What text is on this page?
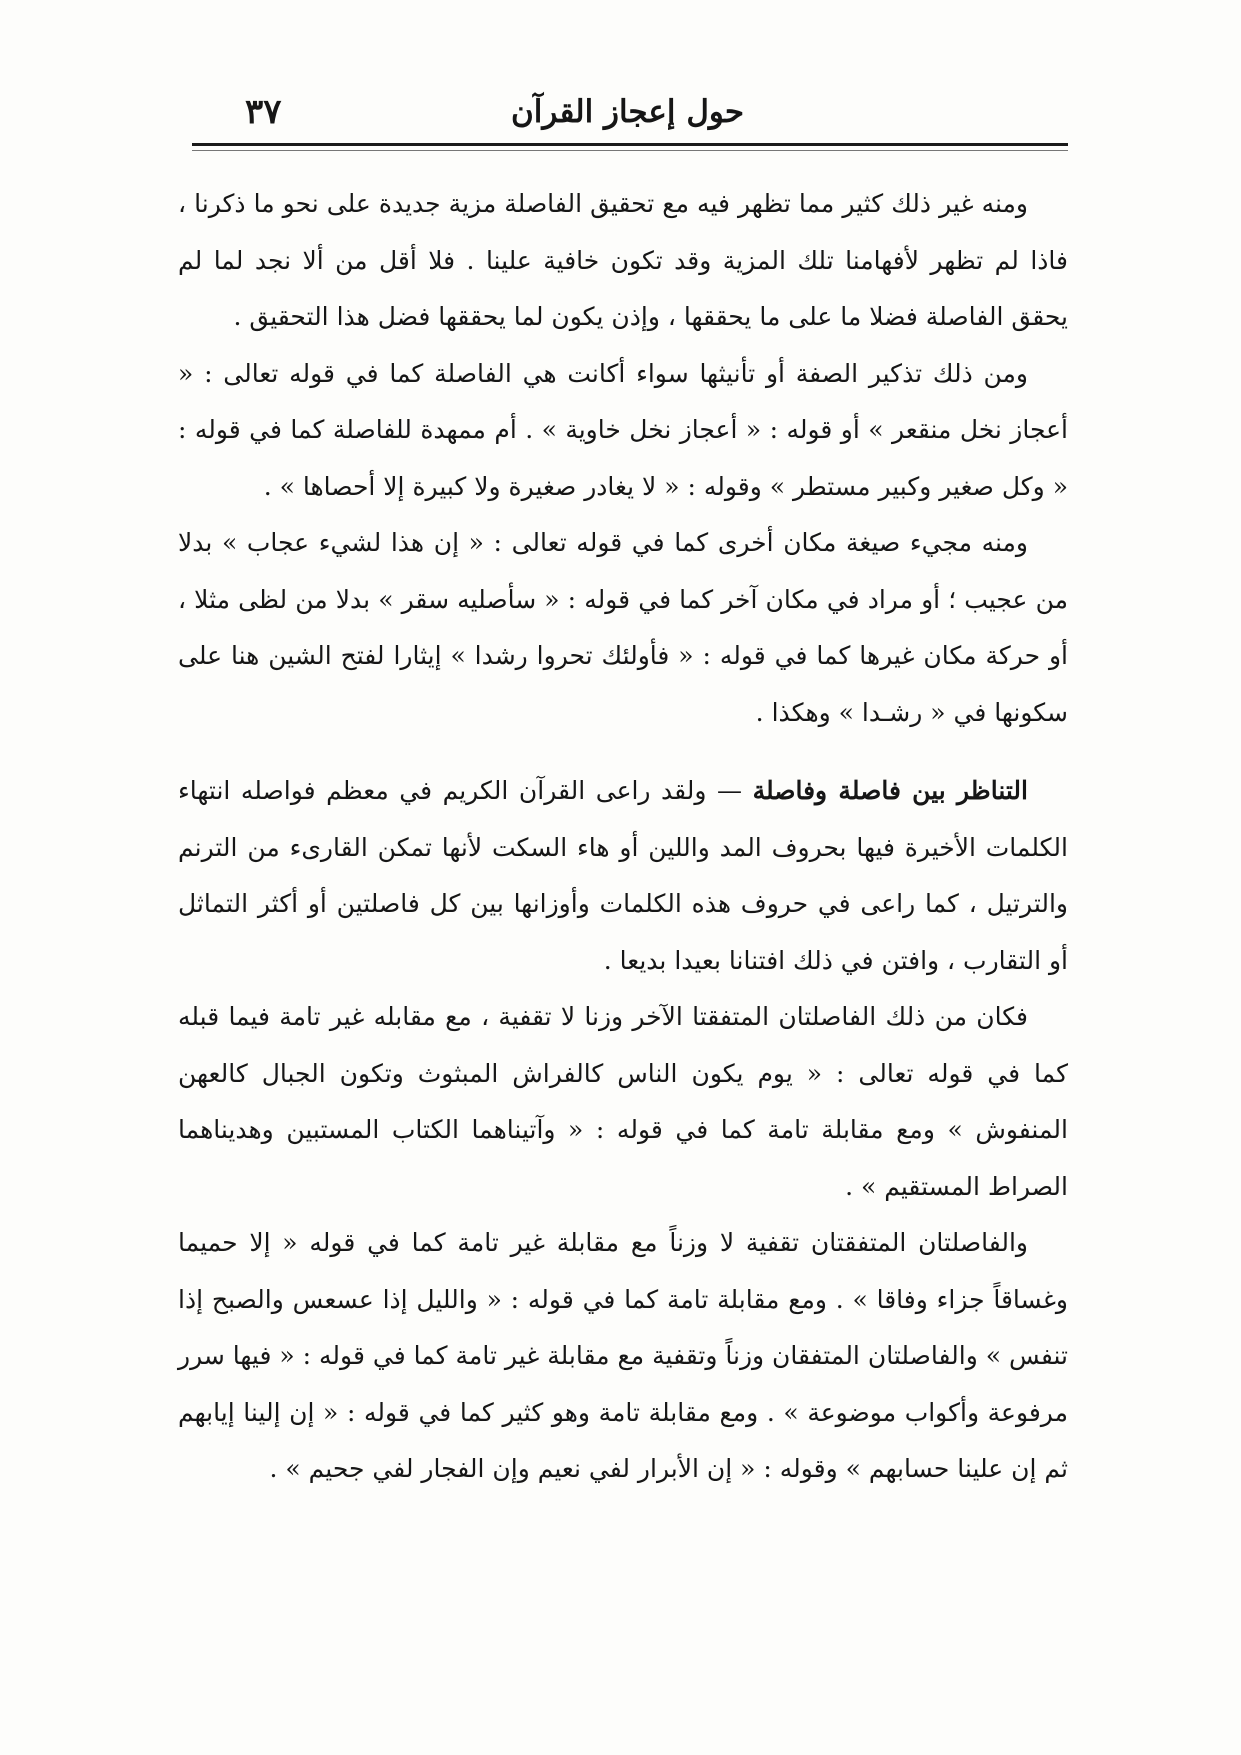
حول إعجاز القرآن
٣٧

ومنه غير ذلك كثير مما تظهر فيه مع تحقيق الفاصلة مزية جديدة على نحو ما ذكرنا ، فاذا لم تظهر لأفهامنا تلك المزية وقد تكون خافية علينا . فلا أقل من ألا نجد لما لم يحقق الفاصلة فضلا ما على ما يحققها ، وإذن يكون لما يحققها فضل هذا التحقيق .

ومن ذلك تذكير الصفة أو تأنيثها سواء أكانت هي الفاصلة كما في قوله تعالى : « أعجاز نخل منقعر » أو قوله : « أعجاز نخل خاوية » . أم ممهدة للفاصلة كما في قوله : « وكل صغير وكبير مستطر » وقوله : « لا يغادر صغيرة ولا كبيرة إلا أحصاها » .

ومنه مجيء صيغة مكان أخرى كما في قوله تعالى : « إن هذا لشيء عجاب » بدلا من عجيب ؛ أو مراد في مكان آخر كما في قوله : « سأصليه سقر » بدلا من لظى مثلا ، أو حركة مكان غيرها كما في قوله : « فأولئك تحروا رشدا » إيثارا لفتح الشين هنا على سكونها في « رشـدا » وهكذا .

التناظر بين فاصلة وفاصلة — ولقد راعى القرآن الكريم في معظم فواصله انتهاء الكلمات الأخيرة فيها بحروف المد واللين أو هاء السكت لأنها تمكن القارىء من الترنم والترتيل ، كما راعى في حروف هذه الكلمات وأوزانها بين كل فاصلتين أو أكثر التماثل أو التقارب ، وافتن في ذلك افتنانا بعيدا بديعا .

فكان من ذلك الفاصلتان المتفقتا الآخر وزنا لا تقفية ، مع مقابله غير تامة فيما قبله كما في قوله تعالى : « يوم يكون الناس كالفراش المبثوث وتكون الجبال كالعهن المنفوش » ومع مقابلة تامة كما في قوله : « وآتيناهما الكتاب المستبين وهديناهما الصراط المستقيم » .

والفاصلتان المتفقتان تقفية لا وزناً مع مقابلة غير تامة كما في قوله « إلا حميما وغساقاً جزاء وفاقا » . ومع مقابلة تامة كما في قوله : « والليل إذا عسعس والصبح إذا تنفس » والفاصلتان المتفقان وزناً وتقفية مع مقابلة غير تامة كما في قوله : « فيها سرر مرفوعة وأكواب موضوعة » . ومع مقابلة تامة وهو كثير كما في قوله : « إن إلينا إيابهم ثم إن علينا حسابهم » وقوله : « إن الأبرار لفي نعيم وإن الفجار لفي جحيم » .
